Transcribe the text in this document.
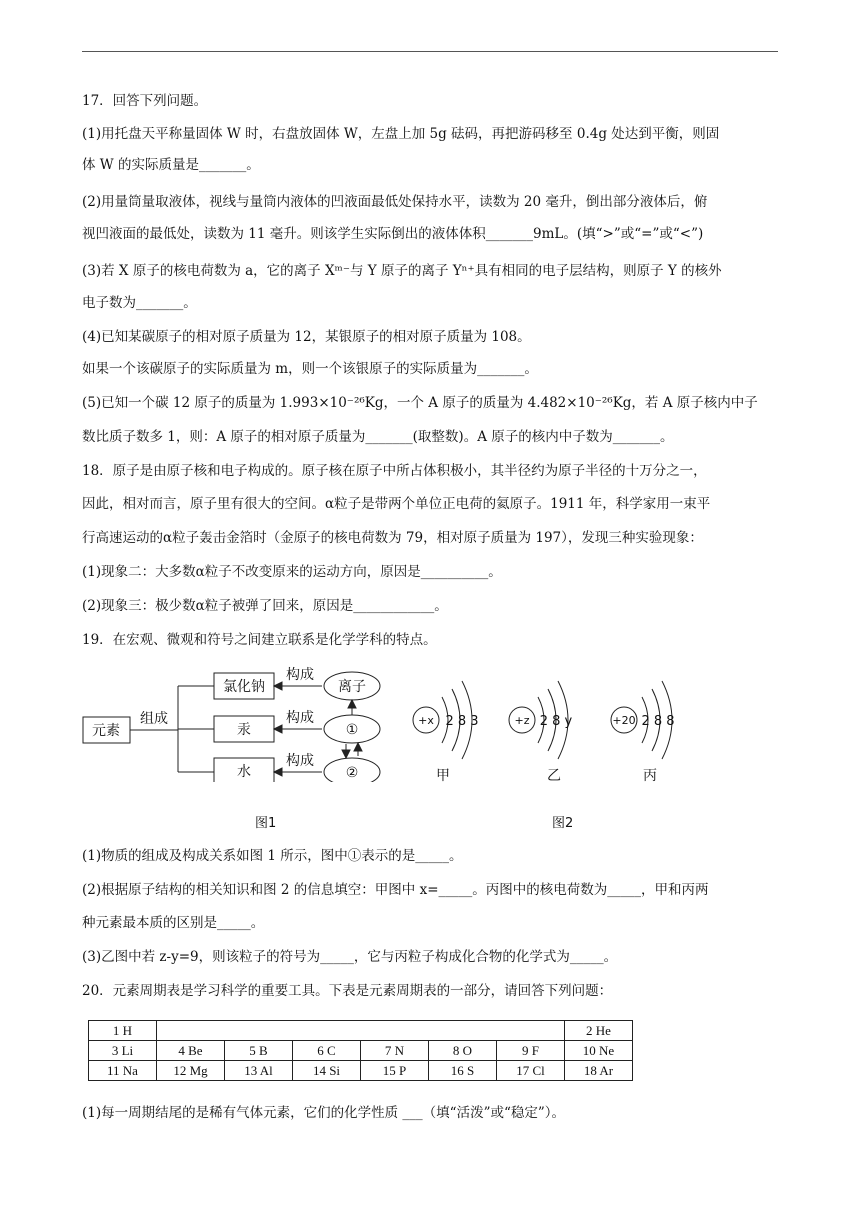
17．回答下列问题。
(1)用托盘天平称量固体 W 时，右盘放固体 W，左盘上加 5g 砝码，再把游码移至 0.4g 处达到平衡，则固
体 W 的实际质量是_______。
(2)用量筒量取液体，视线与量筒内液体的凹液面最低处保持水平，读数为 20 毫升，倒出部分液体后，俯
视凹液面的最低处，读数为 11 毫升。则该学生实际倒出的液体体积_______9mL。(填“>”或“=”或“<”)
(3)若 X 原子的核电荷数为 a，它的离子 Xᵐ⁻与 Y 原子的离子 Yⁿ⁺具有相同的电子层结构，则原子 Y 的核外
电子数为_______。
(4)已知某碳原子的相对原子质量为 12，某银原子的相对原子质量为 108。
如果一个该碳原子的实际质量为 m，则一个该银原子的实际质量为_______。
(5)已知一个碳 12 原子的质量为 1.993×10⁻²⁶Kg，一个 A 原子的质量为 4.482×10⁻²⁶Kg，若 A 原子核内中子
数比质子数多 1，则：A 原子的相对原子质量为_______(取整数)。A 原子的核内中子数为_______。
18．原子是由原子核和电子构成的。原子核在原子中所占体积极小，其半径约为原子半径的十万分之一，
因此，相对而言，原子里有很大的空间。α粒子是带两个单位正电荷的氦原子。1911 年，科学家用一束平
行高速运动的α粒子轰击金箔时（金原子的核电荷数为 79，相对原子质量为 197），发现三种实验现象：
(1)现象二：大多数α粒子不改变原来的运动方向，原因是__________。
(2)现象三：极少数α粒子被弹了回来，原因是____________。
19．在宏观、微观和符号之间建立联系是化学学科的特点。
元素
组成
氯化钠
汞
水
构成
构成
构成
离子
①
②
+x 2 8 3
甲
+z 2 8 y
乙
+20 2 8 8
丙
图1	图2
(1)物质的组成及构成关系如图 1 所示，图中①表示的是_____。
(2)根据原子结构的相关知识和图 2 的信息填空：甲图中 x=_____。丙图中的核电荷数为_____，甲和丙两
种元素最本质的区别是_____。
(3)乙图中若 z-y=9，则该粒子的符号为_____，它与丙粒子构成化合物的化学式为_____。
20．元素周期表是学习科学的重要工具。下表是元素周期表的一部分，请回答下列问题：
1 H							2 He
3 Li	4 Be	5 B	6 C	7 N	8 O	9 F	10 Ne
11 Na	12 Mg	13 Al	14 Si	15 P	16 S	17 Cl	18 Ar
(1)每一周期结尾的是稀有气体元素，它们的化学性质 ___（填“活泼”或“稳定”）。
